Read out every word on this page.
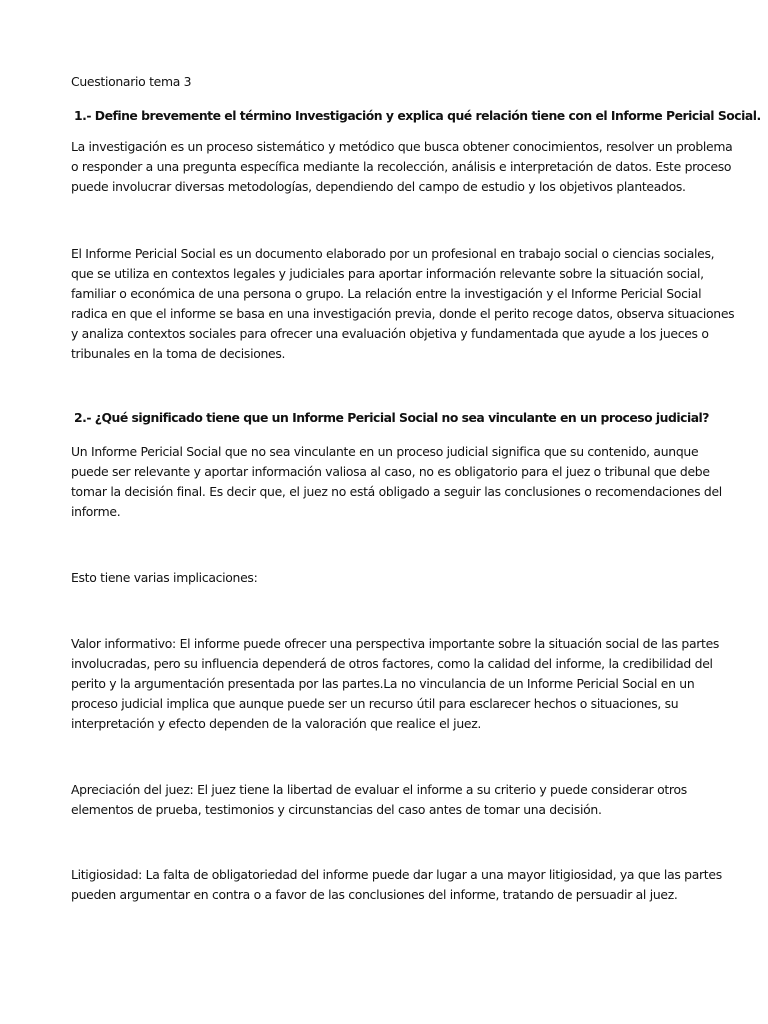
Cuestionario tema 3
1.- Define brevemente el término Investigación y explica qué relación tiene con el Informe Pericial Social.
La investigación es un proceso sistemático y metódico que busca obtener conocimientos, resolver un problema
o responder a una pregunta específica mediante la recolección, análisis e interpretación de datos. Este proceso
puede involucrar diversas metodologías, dependiendo del campo de estudio y los objetivos planteados.
El Informe Pericial Social es un documento elaborado por un profesional en trabajo social o ciencias sociales,
que se utiliza en contextos legales y judiciales para aportar información relevante sobre la situación social,
familiar o económica de una persona o grupo. La relación entre la investigación y el Informe Pericial Social
radica en que el informe se basa en una investigación previa, donde el perito recoge datos, observa situaciones
y analiza contextos sociales para ofrecer una evaluación objetiva y fundamentada que ayude a los jueces o
tribunales en la toma de decisiones.
2.- ¿Qué significado tiene que un Informe Pericial Social no sea vinculante en un proceso judicial?
Un Informe Pericial Social que no sea vinculante en un proceso judicial significa que su contenido, aunque
puede ser relevante y aportar información valiosa al caso, no es obligatorio para el juez o tribunal que debe
tomar la decisión final. Es decir que, el juez no está obligado a seguir las conclusiones o recomendaciones del
informe.
Esto tiene varias implicaciones:
Valor informativo: El informe puede ofrecer una perspectiva importante sobre la situación social de las partes
involucradas, pero su influencia dependerá de otros factores, como la calidad del informe, la credibilidad del
perito y la argumentación presentada por las partes.La no vinculancia de un Informe Pericial Social en un
proceso judicial implica que aunque puede ser un recurso útil para esclarecer hechos o situaciones, su
interpretación y efecto dependen de la valoración que realice el juez.
Apreciación del juez: El juez tiene la libertad de evaluar el informe a su criterio y puede considerar otros
elementos de prueba, testimonios y circunstancias del caso antes de tomar una decisión.
Litigiosidad: La falta de obligatoriedad del informe puede dar lugar a una mayor litigiosidad, ya que las partes
pueden argumentar en contra o a favor de las conclusiones del informe, tratando de persuadir al juez.
